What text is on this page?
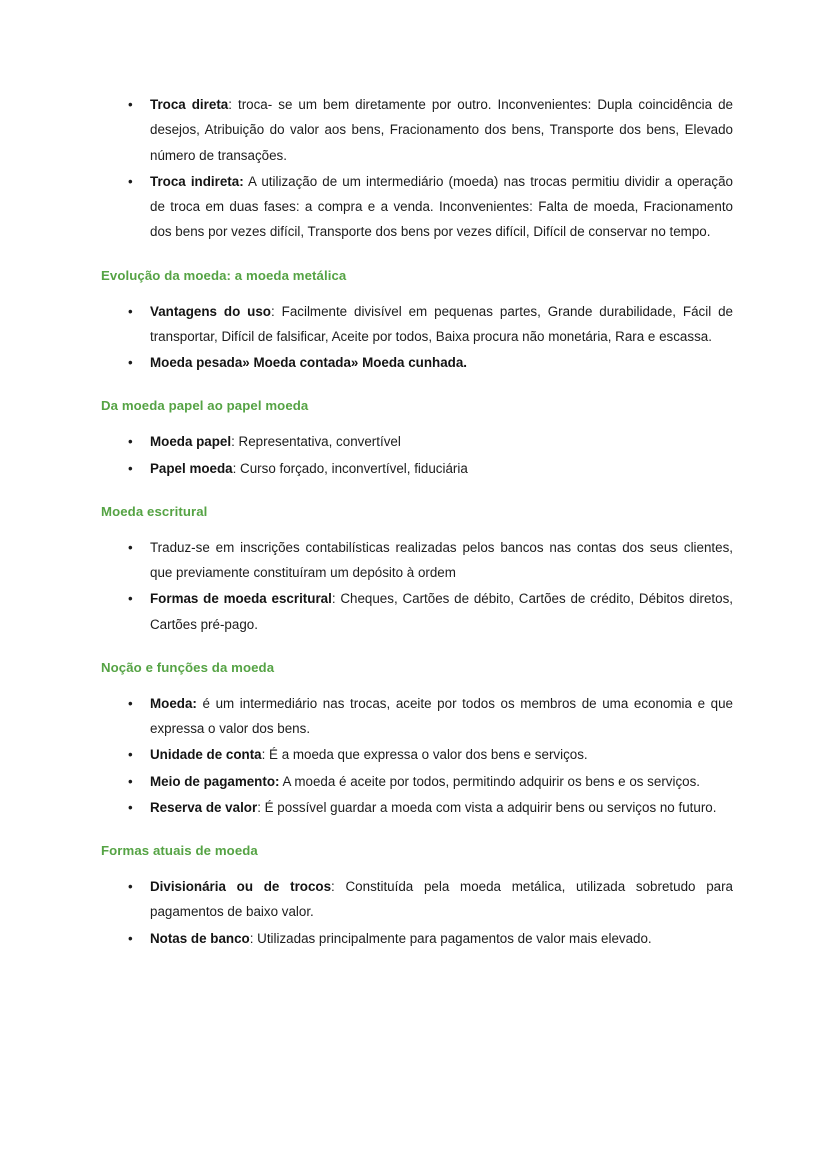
• Troca direta: troca- se um bem diretamente por outro. Inconvenientes: Dupla coincidência de desejos, Atribuição do valor aos bens, Fracionamento dos bens, Transporte dos bens, Elevado número de transações.
• Troca indireta: A utilização de um intermediário (moeda) nas trocas permitiu dividir a operação de troca em duas fases: a compra e a venda. Inconvenientes: Falta de moeda, Fracionamento dos bens por vezes difícil, Transporte dos bens por vezes difícil, Difícil de conservar no tempo.
Evolução da moeda: a moeda metálica
• Vantagens do uso: Facilmente divisível em pequenas partes, Grande durabilidade, Fácil de transportar, Difícil de falsificar, Aceite por todos, Baixa procura não monetária, Rara e escassa.
• Moeda pesada» Moeda contada» Moeda cunhada.
Da moeda papel ao papel moeda
• Moeda papel: Representativa, convertível
• Papel moeda: Curso forçado, inconvertível, fiduciária
Moeda escritural
• Traduz-se em inscrições contabilísticas realizadas pelos bancos nas contas dos seus clientes, que previamente constituíram um depósito à ordem
• Formas de moeda escritural: Cheques, Cartões de débito, Cartões de crédito, Débitos diretos, Cartões pré-pago.
Noção e funções da moeda
• Moeda: é um intermediário nas trocas, aceite por todos os membros de uma economia e que expressa o valor dos bens.
• Unidade de conta: É a moeda que expressa o valor dos bens e serviços.
• Meio de pagamento: A moeda é aceite por todos, permitindo adquirir os bens e os serviços.
• Reserva de valor: É possível guardar a moeda com vista a adquirir bens ou serviços no futuro.
Formas atuais de moeda
• Divisionária ou de trocos: Constituída pela moeda metálica, utilizada sobretudo para pagamentos de baixo valor.
• Notas de banco: Utilizadas principalmente para pagamentos de valor mais elevado.
